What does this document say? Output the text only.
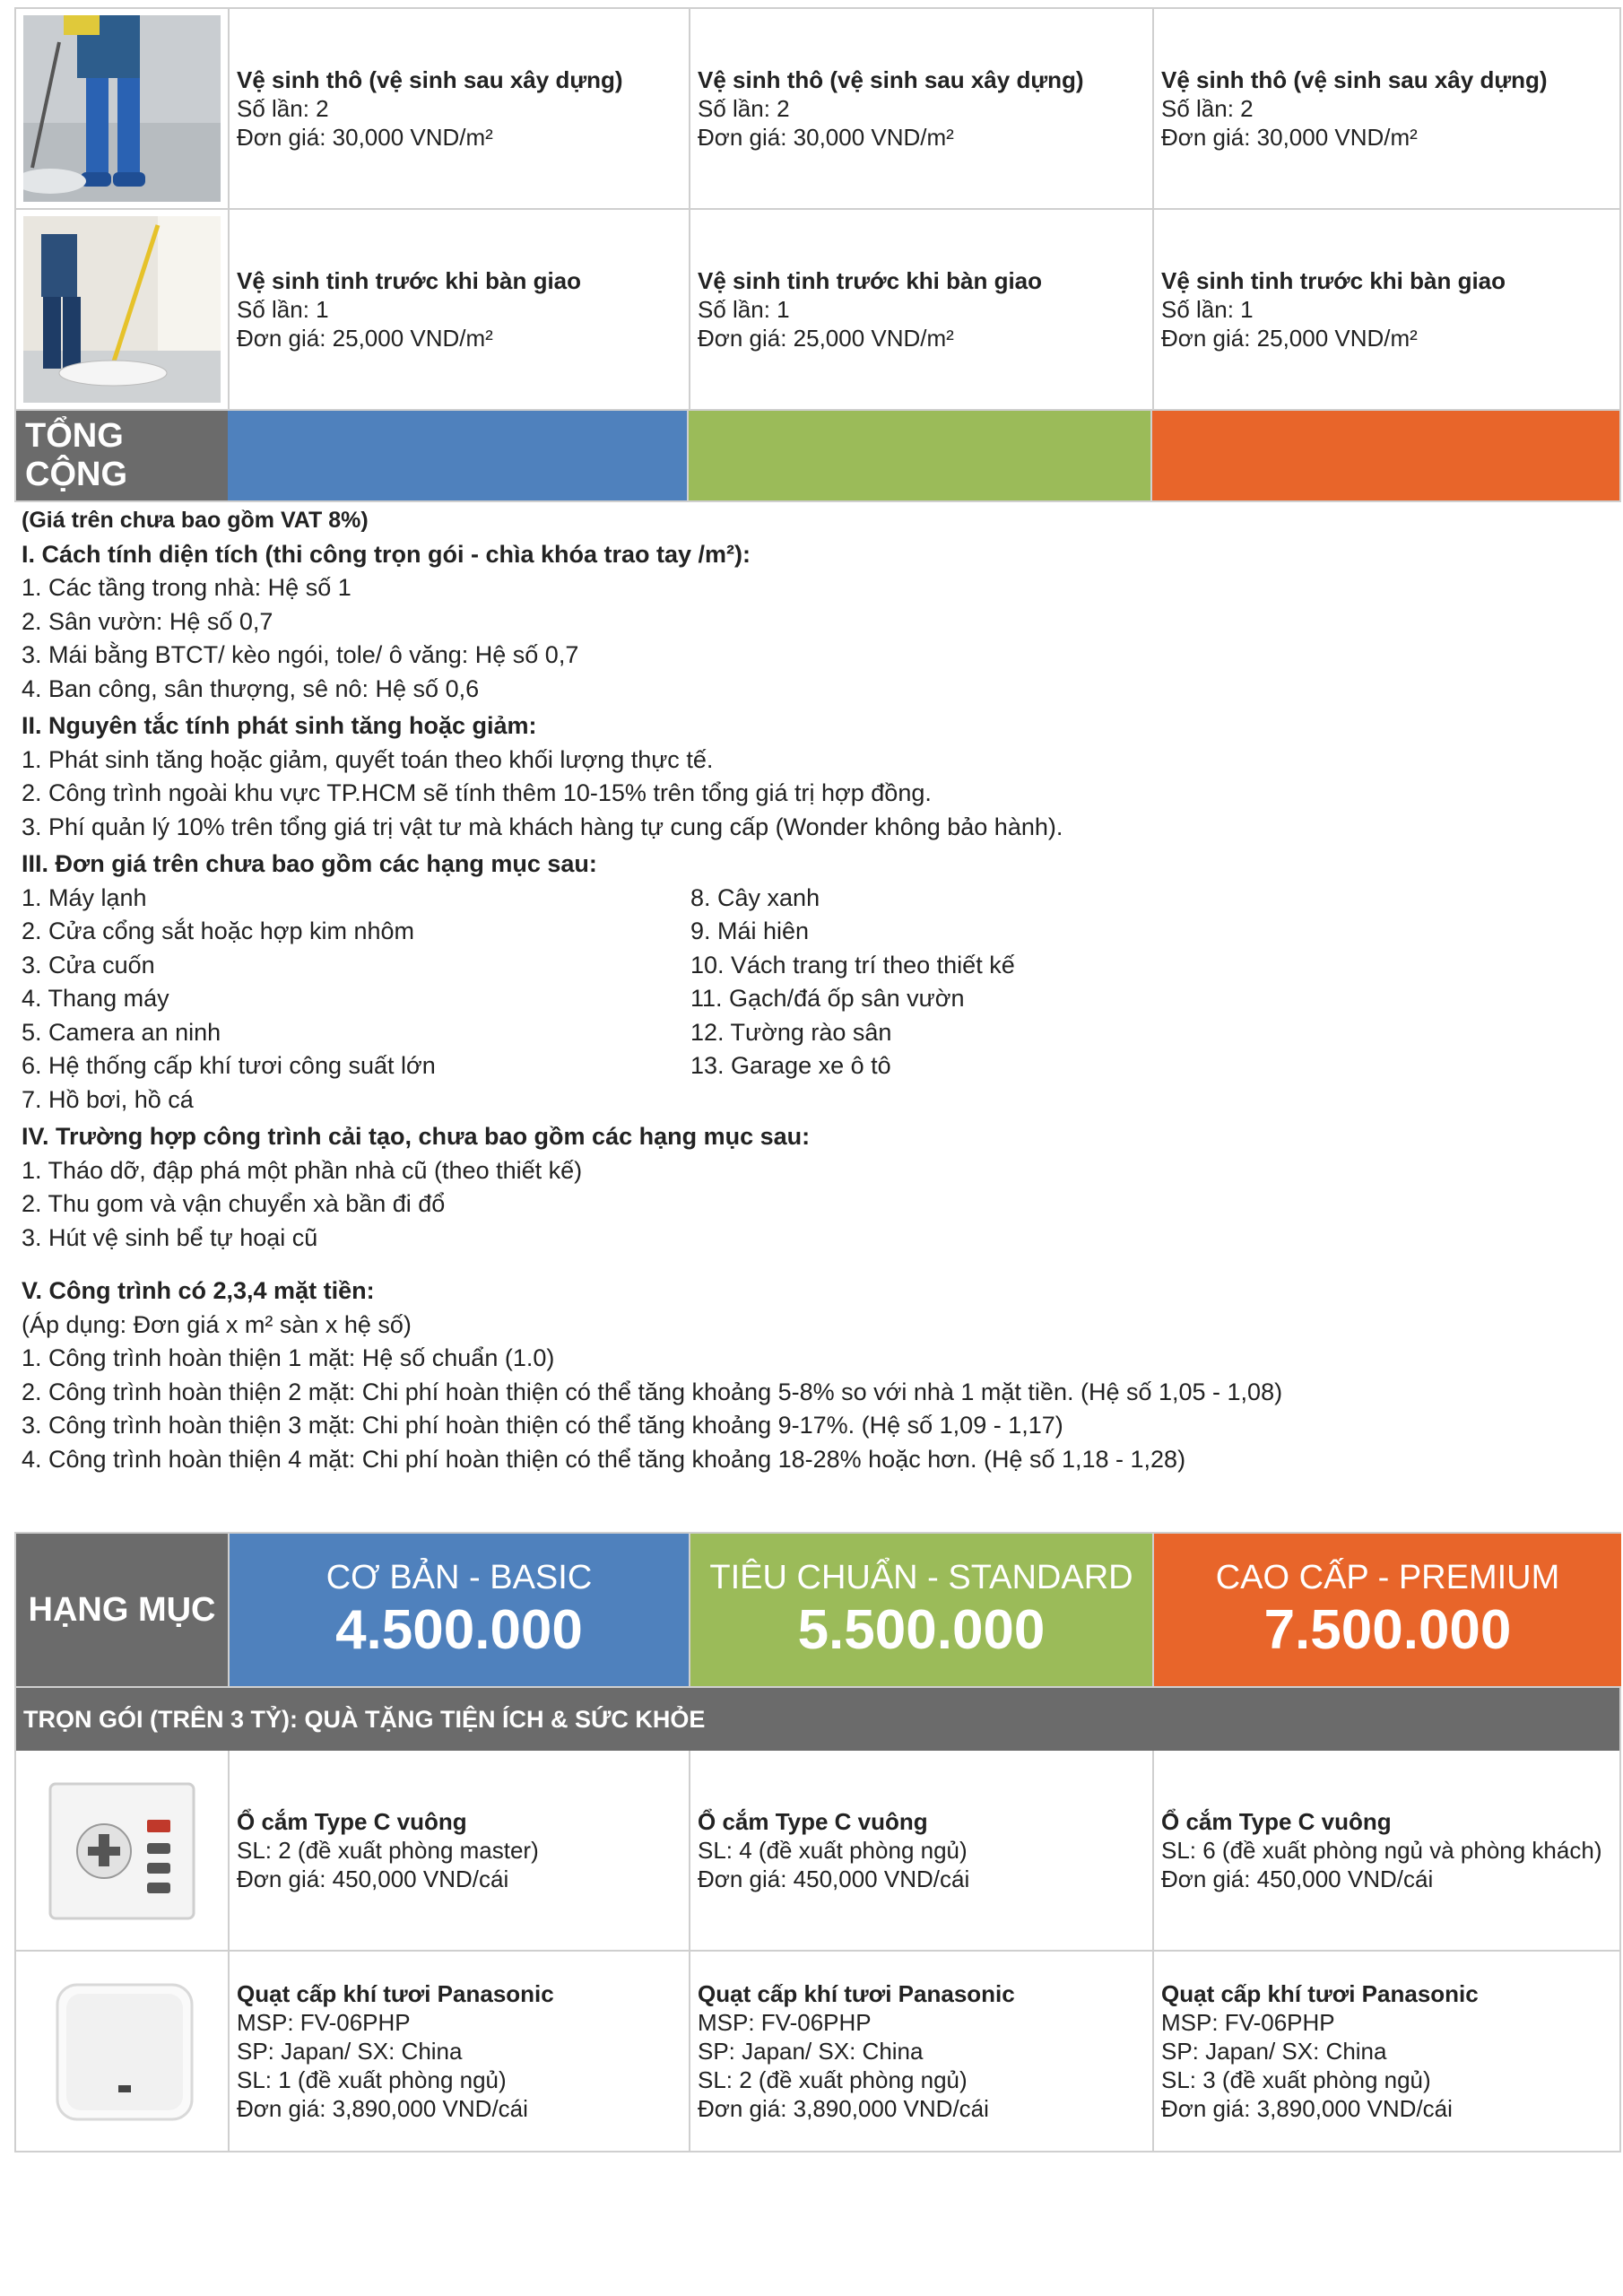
Vệ sinh thô (vệ sinh sau xây dựng)
Số lần: 2
Đơn giá: 30,000 VND/m²
Vệ sinh thô (vệ sinh sau xây dựng)
Số lần: 2
Đơn giá: 30,000 VND/m²
Vệ sinh thô (vệ sinh sau xây dựng)
Số lần: 2
Đơn giá: 30,000 VND/m²
Vệ sinh tinh trước khi bàn giao
Số lần: 1
Đơn giá: 25,000 VND/m²
Vệ sinh tinh trước khi bàn giao
Số lần: 1
Đơn giá: 25,000 VND/m²
Vệ sinh tinh trước khi bàn giao
Số lần: 1
Đơn giá: 25,000 VND/m²
TỔNG CỘNG
(Giá trên chưa bao gồm VAT 8%)
I. Cách tính diện tích (thi công trọn gói - chìa khóa trao tay /m²):
1. Các tầng trong nhà: Hệ số 1
2. Sân vườn: Hệ số 0,7
3. Mái bằng BTCT/ kèo ngói, tole/ ô văng: Hệ số 0,7
4. Ban công, sân thượng, sê nô: Hệ số 0,6
II. Nguyên tắc tính phát sinh tăng hoặc giảm:
1. Phát sinh tăng hoặc giảm, quyết toán theo khối lượng thực tế.
2. Công trình ngoài khu vực TP.HCM sẽ tính thêm 10-15% trên tổng giá trị hợp đồng.
3. Phí quản lý 10% trên tổng giá trị vật tư mà khách hàng tự cung cấp (Wonder không bảo hành).
III. Đơn giá trên chưa bao gồm các hạng mục sau:
1. Máy lạnh
2. Cửa cổng sắt hoặc hợp kim nhôm
3. Cửa cuốn
4. Thang máy
5. Camera an ninh
6. Hệ thống cấp khí tươi công suất lớn
7. Hồ bơi, hồ cá
8. Cây xanh
9. Mái hiên
10. Vách trang trí theo thiết kế
11. Gạch/đá ốp sân vườn
12. Tường rào sân
13. Garage xe ô tô
IV. Trường hợp công trình cải tạo, chưa bao gồm các hạng mục sau:
1. Tháo dỡ, đập phá một phần nhà cũ (theo thiết kế)
2. Thu gom và vận chuyển xà bần đi đổ
3. Hút vệ sinh bể tự hoại cũ
V. Công trình có 2,3,4 mặt tiền:
(Áp dụng: Đơn giá x m² sàn x hệ số)
1. Công trình hoàn thiện 1 mặt: Hệ số chuẩn (1.0)
2. Công trình hoàn thiện 2 mặt: Chi phí hoàn thiện có thể tăng khoảng 5-8% so với nhà 1 mặt tiền. (Hệ số 1,05 - 1,08)
3. Công trình hoàn thiện 3 mặt: Chi phí hoàn thiện có thể tăng khoảng 9-17%. (Hệ số 1,09 - 1,17)
4. Công trình hoàn thiện 4 mặt: Chi phí hoàn thiện có thể tăng khoảng 18-28% hoặc hơn. (Hệ số 1,18 - 1,28)
HẠNG MỤC
CƠ BẢN - BASIC
4.500.000
TIÊU CHUẨN - STANDARD
5.500.000
CAO CẤP - PREMIUM
7.500.000
TRỌN GÓI (TRÊN 3 TỶ): QUÀ TẶNG TIỆN ÍCH & SỨC KHỎE
Ổ cắm Type C vuông
SL: 2 (đề xuất phòng master)
Đơn giá: 450,000 VND/cái
Ổ cắm Type C vuông
SL: 4 (đề xuất phòng ngủ)
Đơn giá: 450,000 VND/cái
Ổ cắm Type C vuông
SL: 6 (đề xuất phòng ngủ và phòng khách)
Đơn giá: 450,000 VND/cái
Quạt cấp khí tươi Panasonic
MSP: FV-06PHP
SP: Japan/ SX: China
SL: 1 (đề xuất phòng ngủ)
Đơn giá: 3,890,000 VND/cái
Quạt cấp khí tươi Panasonic
MSP: FV-06PHP
SP: Japan/ SX: China
SL: 2 (đề xuất phòng ngủ)
Đơn giá: 3,890,000 VND/cái
Quạt cấp khí tươi Panasonic
MSP: FV-06PHP
SP: Japan/ SX: China
SL: 3 (đề xuất phòng ngủ)
Đơn giá: 3,890,000 VND/cái
